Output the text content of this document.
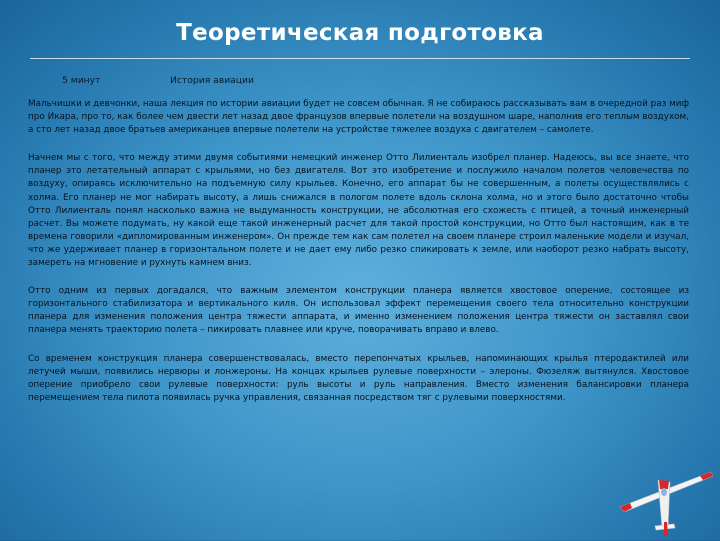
Теоретическая подготовка
5 минут	История авиации

Мальчишки и девчонки, наша лекция по истории авиации будет не совсем обычная. Я не собираюсь рассказывать вам в очередной раз миф про Икара, про то, как более чем двести лет назад двое французов впервые полетели на воздушном шаре, наполнив его теплым воздухом, а сто лет назад двое братьев американцев впервые полетели на устройстве тяжелее воздуха с двигателем – самолете.

Начнем мы с того, что между этими двумя событиями немецкий инженер Отто Лилиенталь изобрел планер. Надеюсь, вы все знаете, что планер это летательный аппарат с крыльями, но без двигателя. Вот это изобретение и послужило началом полетов человечества по воздуху, опираясь исключительно на подъемную силу крыльев. Конечно, его аппарат бы не совершенным, а полеты осуществлялись с холма. Его планер не мог набирать высоту, а лишь снижался в пологом полете вдоль склона холма, но и этого было достаточно чтобы Отто Лилиенталь понял насколько важна не выдуманность конструкции, не абсолютная его схожесть с птицей, а точный инженерный расчет. Вы можете подумать, ну какой еще такой инженерный расчет для такой простой конструкции, но Отто был настоящим, как в те времена говорили «дипломированным инженером». Он прежде тем как сам полетел на своем планере строил маленькие модели и изучал, что же удерживает планер в горизонтальном полете и не дает ему либо резко спикировать к земле, или наоборот резко набрать высоту, замереть на мгновение и рухнуть камнем вниз.

Отто одним из первых догадался, что важным элементом конструкции планера является хвостовое оперение, состоящее из горизонтального стабилизатора и вертикального киля. Он использовал эффект перемещения своего тела относительно конструкции планера для изменения положения центра тяжести аппарата, и именно изменением положения центра тяжести он заставлял свои планера менять траекторию полета – пикировать плавнее или круче, поворачивать вправо и влево.

Со временем конструкция планера совершенствовалась, вместо перепончатых крыльев, напоминающих крылья птеродактилей или летучей мыши, появились нервюры и лонжероны. На концах крыльев рулевые поверхности – элероны. Фюзеляж вытянулся. Хвостовое оперение приобрело свои рулевые поверхности: руль высоты и руль направления. Вместо изменения балансировки планера перемещением тела пилота появилась ручка управления, связанная посредством тяг с рулевыми поверхностями.
